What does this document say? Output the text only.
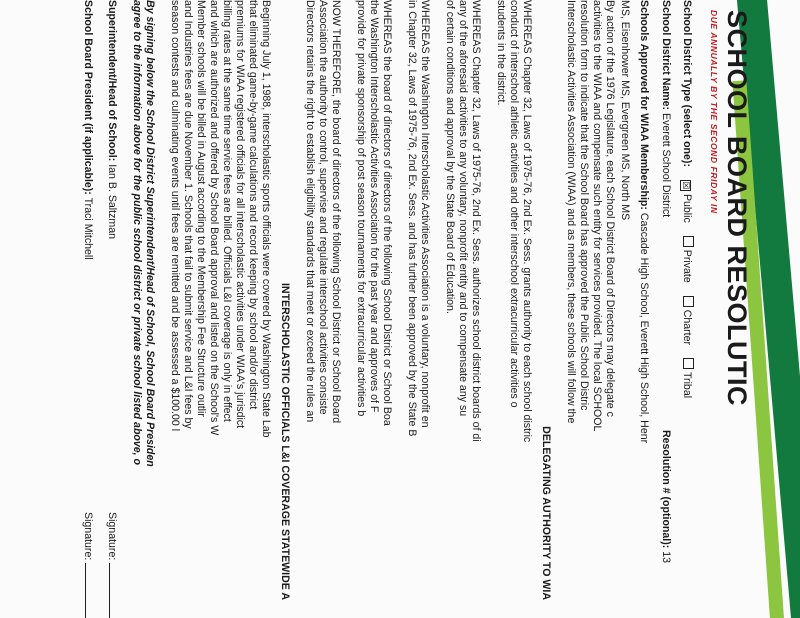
SCHOOL BOARD RESOLUTIC
DUE ANNUALLY BY THE SECOND FRIDAY IN
School District Type (select one): ☒Public Private Charter Tribal
School District Name: Everett School District
Resolution # (optional): 13
Schools Approved for WIAA Membership: Cascade High School, Everett High School, Henr
MS, Eisenhower MS, Evergreen MS, North MS
By action of the 1976 Legislature, each School District Board of Directors may delegate c
activities to the WIAA and compensate such entity for services provided. The local SCHOOL
resolution form to indicate that the School Board has approved the Public School Distric
Interscholastic Activities Association (WIAA) and as members, these schools will follow the
DELEGATING AUTHORITY TO WIA
WHEREAS Chapter 32, Laws of 1975-76, 2nd Ex. Sess. grants authority to each school distric
conduct of interschool athletic activities and other interschool extracurricular activities o
students in the district.
WHEREAS Chapter 32, Laws of 1975-76, 2nd Ex. Sess. authorizes school district boards of di
any of the aforesaid activities to any voluntary, nonprofit entity and to compensate any su
of certain conditions and approval by the State Board of Education.
WHEREAS the Washington Interscholastic Activities Association is a voluntary, nonprofit en
in Chapter 32, Laws of 1975-76, 2nd Ex. Sess. and has further been approved by the State B
WHEREAS the board of directors of directors of the following School District or School Boa
the Washington Interscholastic Activities Association for the past year and approves of F
provide for private sponsorship of post season tournaments for extracurricular activities b
NOW THEREFORE, the board of directors of the following School District or School Board
Association the authority to control, supervise and regulate interschool activities consiste
Directors retains the right to establish eligibility standards that meet or exceed the rules an
INTERSCHOLASTIC OFFICIALS L&I COVERAGE STATEWIDE A
Beginning July 1, 1988, interscholastic sports officials were covered by Washington State Lab
that eliminated game-by-game calculations and record keeping by school and/or district
premiums for WIAA registered officials for all interscholastic activities under WIAA's jurisdict
billing rates at the same time service fees are billed. Officials L&I coverage is only in effect
and which are authorized and offered by School Board approval and listed on the School's W
Member schools will be billed in August according to the Membership Fee Structure outlir
and Industries fees are due November 1. Schools that fail to submit service and L&I fees by
season contests and culminating events until fees are remitted and be assessed a $100.00 l
By signing below the School District Superintendent/Head of School, School Board Presiden
agree to the information above for the public school district or private school listed above, o
Superintendent/Head of School: Ian B. Saltzman
Signature:
School Board President (if applicable): Traci Mitchell
Signature:
